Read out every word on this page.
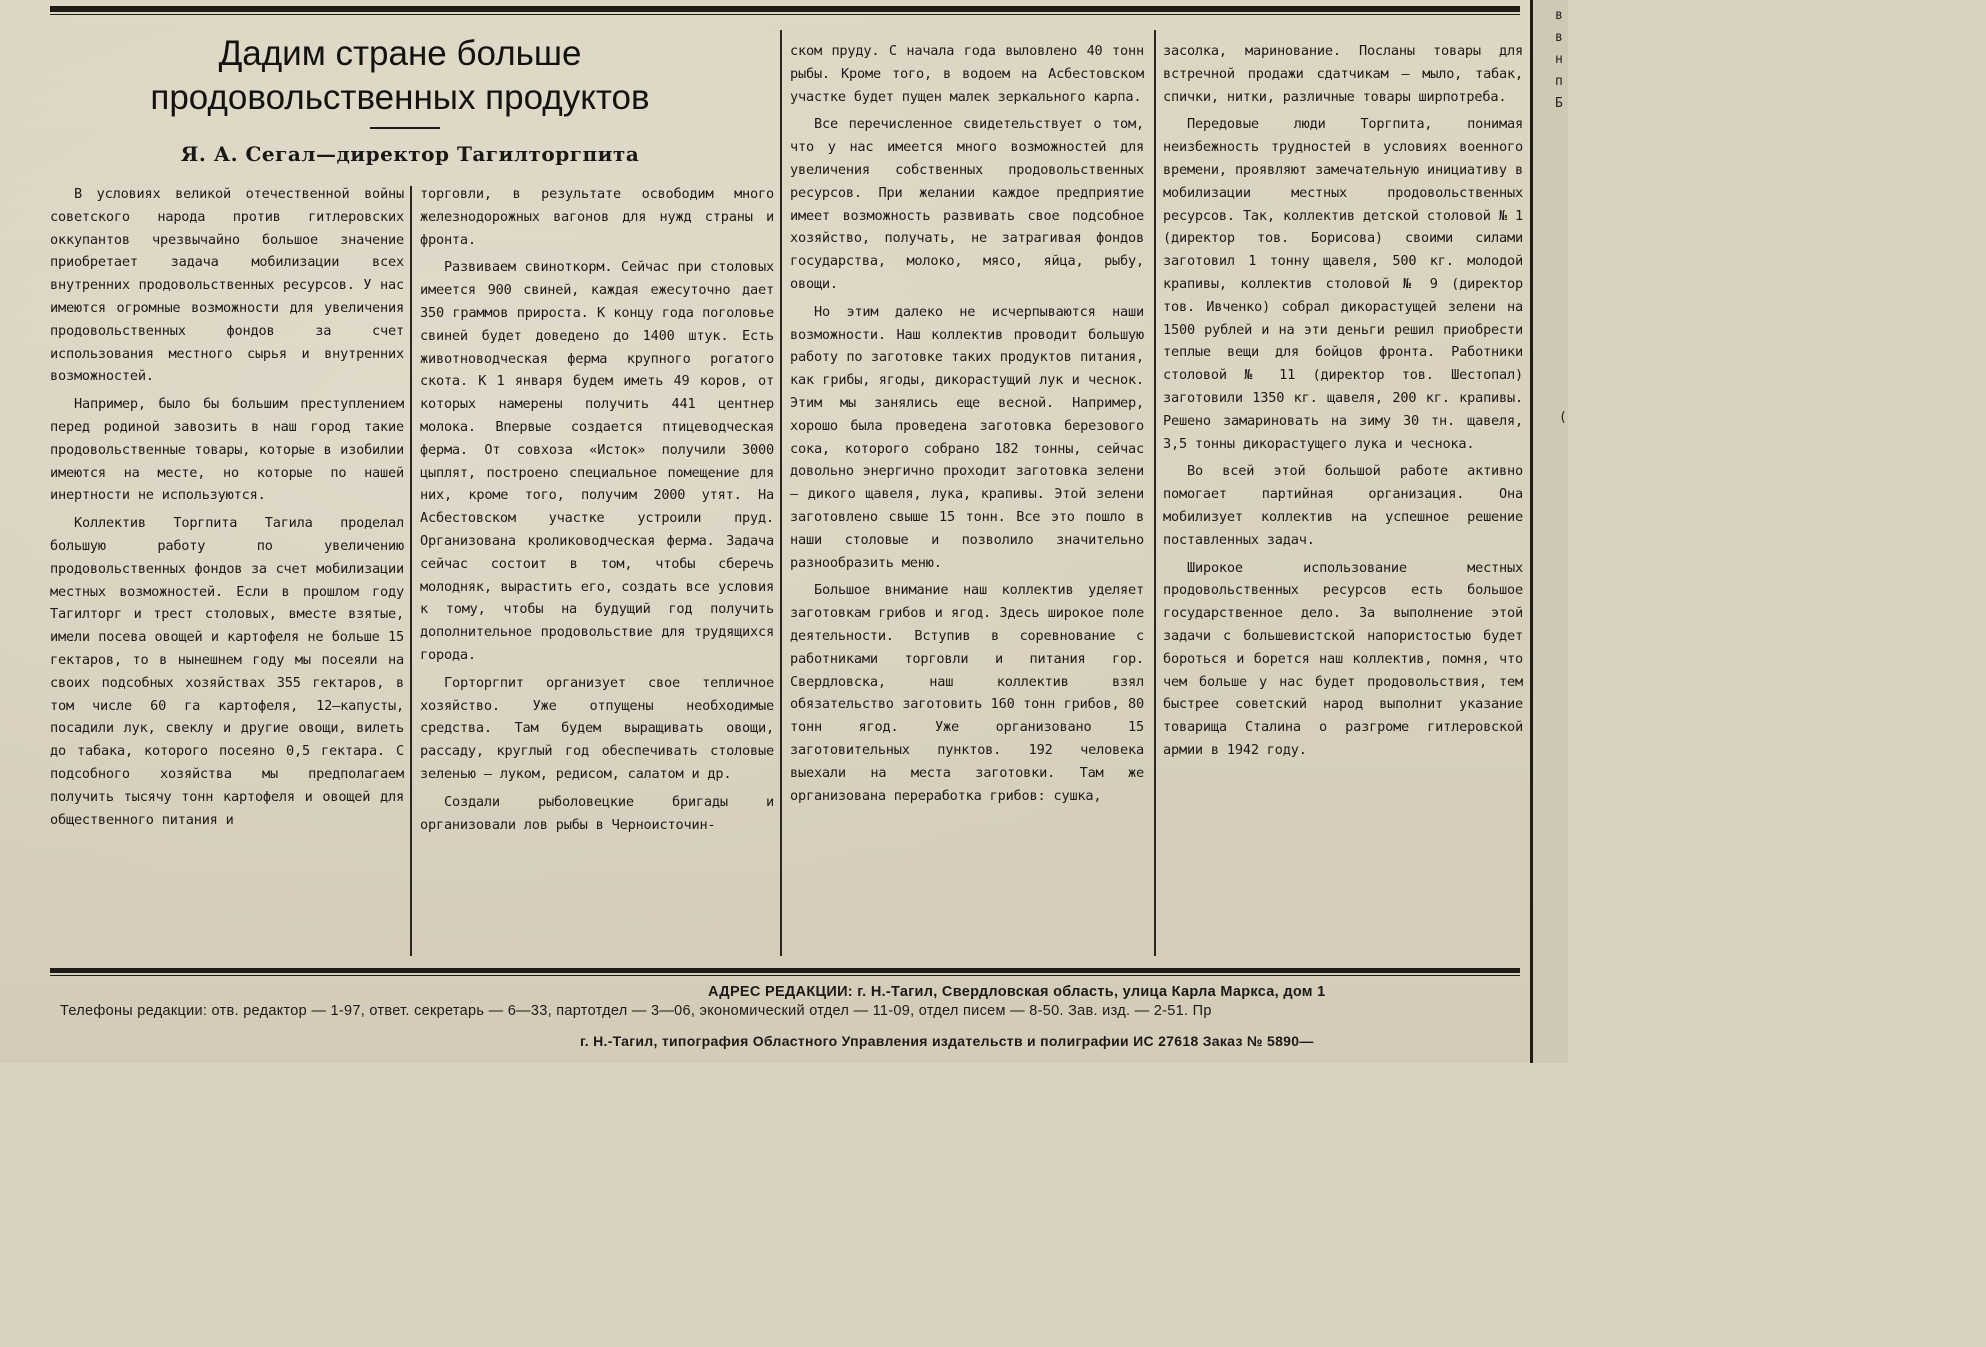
Дадим стране больше продовольственных продуктов
Я. А. Сегал—директор Тагилторгпита

В условиях великой отечественной войны советского народа против гитлеровских оккупантов чрезвычайно большое значение приобретает задача мобилизации всех внутренних продовольственных ресурсов. У нас имеются огромные возможности для увеличения продовольственных фондов за счет использования местного сырья и внутренних возможностей.

Например, было бы большим преступлением перед родиной завозить в наш город такие продовольственные товары, которые в изобилии имеются на месте, но которые по нашей инертности не используются.

Коллектив Торгпита Тагила проделал большую работу по увеличению продовольственных фондов за счет мобилизации местных возможностей. Если в прошлом году Тагилторг и трест столовых, вместе взятые, имели посева овощей и картофеля не больше 15 гектаров, то в нынешнем году мы посеяли на своих подсобных хозяйствах 355 гектаров, в том числе 60 га картофеля, 12—капусты, посадили лук, свеклу и другие овощи, вилеть до табака, которого посеяно 0,5 гектара. С подсобного хозяйства мы предполагаем получить тысячу тонн картофеля и овощей для общественного питания и

торговли, в результате освободим много железнодорожных вагонов для нужд страны и фронта.

Развиваем свиноткорм. Сейчас при столовых имеется 900 свиней, каждая ежесуточно дает 350 граммов прироста. К концу года поголовье свиней будет доведено до 1400 штук. Есть животноводческая ферма крупного рогатого скота. К 1 января будем иметь 49 коров, от которых намерены получить 441 центнер молока. Впервые создается птицеводческая ферма. От совхоза «Исток» получили 3000 цыплят, построено специальное помещение для них, кроме того, получим 2000 утят. На Асбестовском участке устроили пруд. Организована кролиководческая ферма. Задача сейчас состоит в том, чтобы сберечь молодняк, вырастить его, создать все условия к тому, чтобы на будущий год получить дополнительное продовольствие для трудящихся города.

Горторгпит организует свое тепличное хозяйство. Уже отпущены необходимые средства. Там будем выращивать овощи, рассаду, круглый год обеспечивать столовые зеленью — луком, редисом, салатом и др.

Создали рыболовецкие бригады и организовали лов рыбы в Черноисточин-

ском пруду. С начала года выловлено 40 тонн рыбы. Кроме того, в водоем на Асбестовском участке будет пущен малек зеркального карпа.

Все перечисленное свидетельствует о том, что у нас имеется много возможностей для увеличения собственных продовольственных ресурсов. При желании каждое предприятие имеет возможность развивать свое подсобное хозяйство, получать, не затрагивая фондов государства, молоко, мясо, яйца, рыбу, овощи.

Но этим далеко не исчерпываются наши возможности. Наш коллектив проводит большую работу по заготовке таких продуктов питания, как грибы, ягоды, дикорастущий лук и чеснок. Этим мы занялись еще весной. Например, хорошо была проведена заготовка березового сока, которого собрано 182 тонны, сейчас довольно энергично проходит заготовка зелени — дикого щавеля, лука, крапивы. Этой зелени заготовлено свыше 15 тонн. Все это пошло в наши столовые и позволило значительно разнообразить меню.

Большое внимание наш коллектив уделяет заготовкам грибов и ягод. Здесь широкое поле деятельности. Вступив в соревнование с работниками торговли и питания гор. Свердловска, наш коллектив взял обязательство заготовить 160 тонн грибов, 80 тонн ягод. Уже организовано 15 заготовительных пунктов. 192 человека выехали на места заготовки. Там же организована переработка грибов: сушка,

засолка, маринование. Посланы товары для встречной продажи сдатчикам — мыло, табак, спички, нитки, различные товары ширпотреба.

Передовые люди Торгпита, понимая неизбежность трудностей в условиях военного времени, проявляют замечательную инициативу в мобилизации местных продовольственных ресурсов. Так, коллектив детской столовой № 1 (директор тов. Борисова) своими силами заготовил 1 тонну щавеля, 500 кг. молодой крапивы, коллектив столовой № 9 (директор тов. Ивченко) собрал дикорастущей зелени на 1500 рублей и на эти деньги решил приобрести теплые вещи для бойцов фронта. Работники столовой № 11 (директор тов. Шестопал) заготовили 1350 кг. щавеля, 200 кг. крапивы. Решено замариновать на зиму 30 тн. щавеля, 3,5 тонны дикорастущего лука и чеснока.

Во всей этой большой работе активно помогает партийная организация. Она мобилизует коллектив на успешное решение поставленных задач.

Широкое использование местных продовольственных ресурсов есть большое государственное дело. За выполнение этой задачи с большевистской напористостью будет бороться и борется наш коллектив, помня, что чем больше у нас будет продовольствия, тем быстрее советский народ выполнит указание товарища Сталина о разгроме гитлеровской армии в 1942 году.

АДРЕС РЕДАКЦИИ: г. Н.-Тагил, Свердловская область, улица Карла Маркса, дом 1
Телефоны редакции: отв. редактор — 1-97, ответ. секретарь — 6—33, партотдел — 3—06, экономический отдел — 11-09, отдел писем — 8-50. Зав. изд. — 2-51. Пр
г. Н.-Тагил, типография Областного Управления издательств и полиграфии ИС 27618 Заказ № 5890—
в
в
н
п
Б
(
